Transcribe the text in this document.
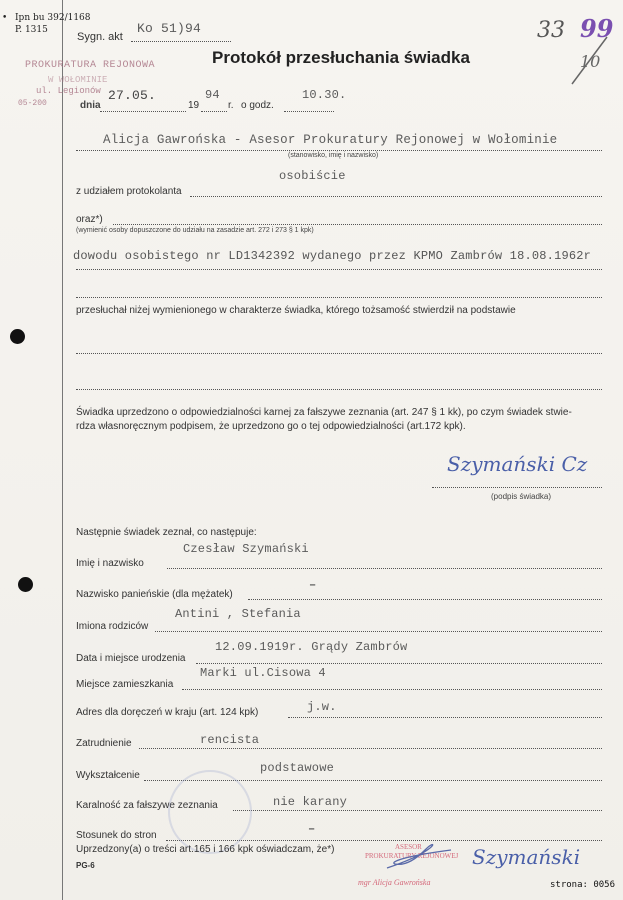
• Ipn bu 392/1168
P. 1315	33 99
10
PROKURATURA REJONOWA
W WOŁOMINIE
ul. Legionów
05-200
Sygn. akt
Ko 51)94
Protokół przesłuchania świadka
dnia
27.05.
19
94
r. o godz.
10.30.
Alicja Gawrońska - Asesor Prokuratury Rejonowej w Wołominie
(stanowisko, imię i nazwisko)
osobiście
z udziałem protokolanta
oraz*)
(wymienić osoby dopuszczone do udziału na zasadzie art. 272 i 273 § 1 kpk)
dowodu osobistego nr LD1342392 wydanego przez KPMO Zambrów 18.08.1962r
przesłuchał niżej wymienionego w charakterze świadka, którego tożsamość stwierdził na podstawie
Świadka uprzedzono o odpowiedzialności karnej za fałszywe zeznania (art. 247 § 1 kk), po czym świadek stwie-
rdza własnoręcznym podpisem, że uprzedzono go o tej odpowiedzialności (art.172 kpk).
Szymański Cz
(podpis świadka)
Następnie świadek zeznał, co następuje:
Czesław Szymański
Imię i nazwisko
–
Nazwisko panieńskie (dla mężatek)
Antini , Stefania
Imiona rodziców
12.09.1919r. Grądy Zambrów
Data i miejsce urodzenia
Marki ul.Cisowa 4
Miejsce zamieszkania
j.w.
Adres dla doręczeń w kraju (art. 124 kpk)
rencista
Zatrudnienie
podstawowe
Wykształcenie
nie karany
Karalność za fałszywe zeznania
–
Stosunek do stron
Uprzedzony(a) o treści art.165 i 166 kpk oświadczam, że*)
PG-6
ASESOR
PROKURATURY REJONOWEJ
mgr Alicja Gawrońska
Szymański
strona: 0056
